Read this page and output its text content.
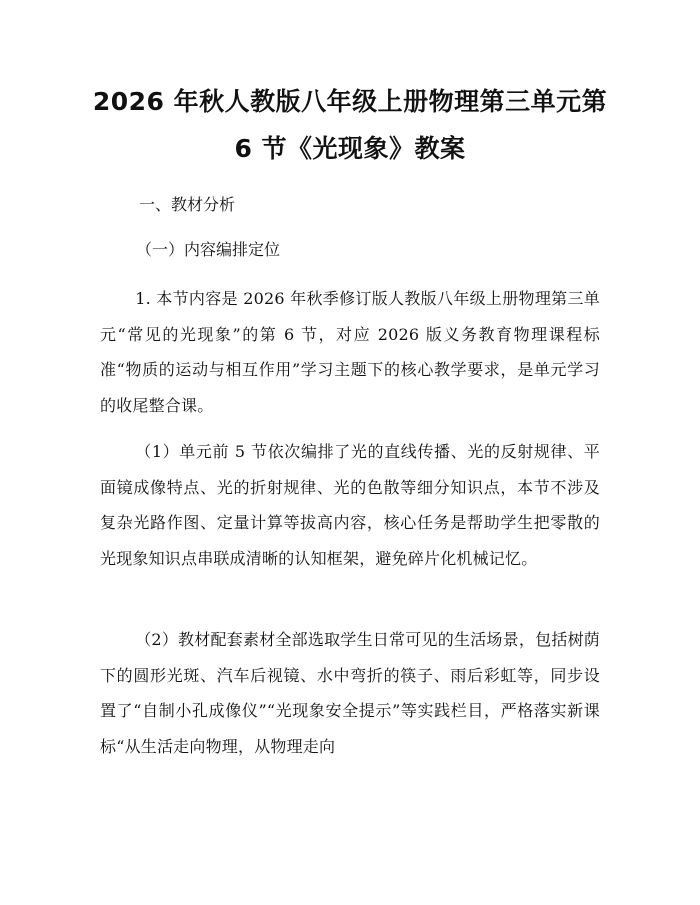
2026 年秋人教版八年级上册物理第三单元第
6 节《光现象》教案

一、教材分析

（一）内容编排定位

1. 本节内容是 2026 年秋季修订版人教版八年级上册物理第三单元“常见的光现象”的第 6 节，对应 2026 版义务教育物理课程标准“物质的运动与相互作用”学习主题下的核心教学要求，是单元学习的收尾整合课。

（1）单元前 5 节依次编排了光的直线传播、光的反射规律、平面镜成像特点、光的折射规律、光的色散等细分知识点，本节不涉及复杂光路作图、定量计算等拔高内容，核心任务是帮助学生把零散的光现象知识点串联成清晰的认知框架，避免碎片化机械记忆。

（2）教材配套素材全部选取学生日常可见的生活场景，包括树荫下的圆形光斑、汽车后视镜、水中弯折的筷子、雨后彩虹等，同步设置了“自制小孔成像仪”“光现象安全提示”等实践栏目，严格落实新课标“从生活走向物理，从物理走向
